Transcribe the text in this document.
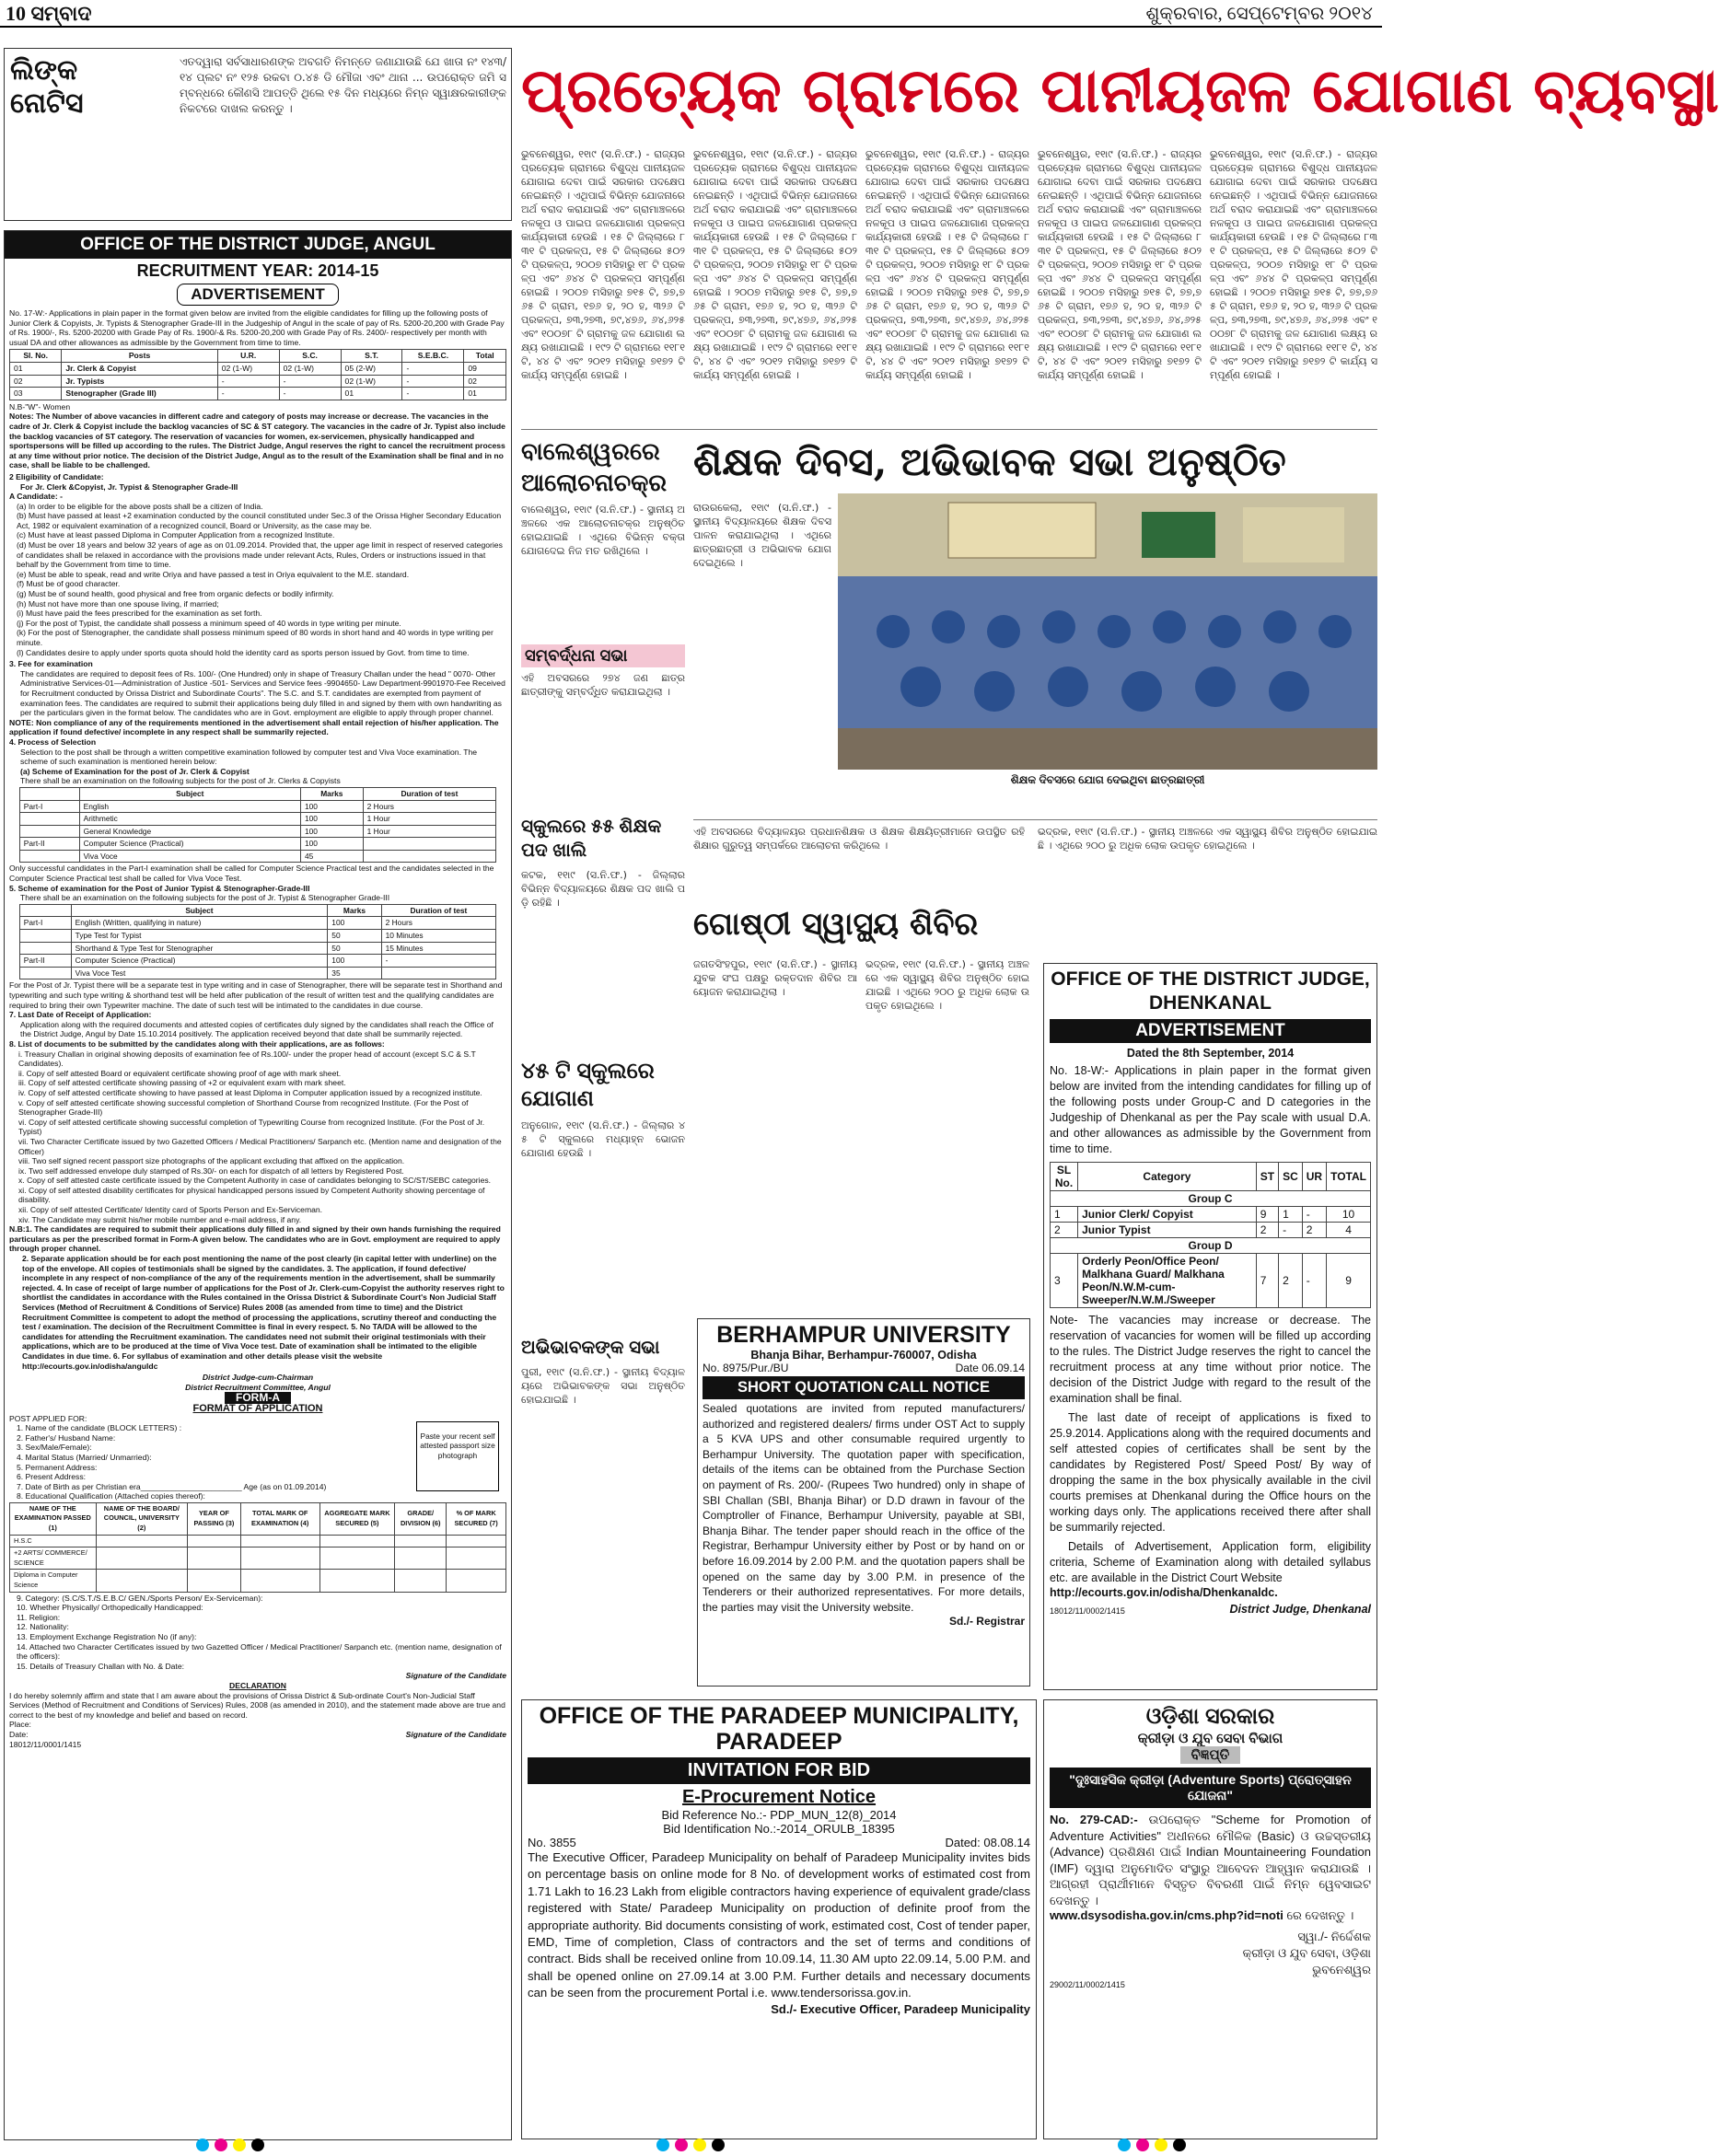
10 ସମ୍ବାଦ	ଶୁକ୍ରବାର, ସେପ୍ଟେମ୍ବର ୨୦୧୪
ଲିଙ୍କ
ନୋଟିସ
ଏତଦ୍ୱାରା ସର୍ବସାଧାରଣଙ୍କ ଅବଗତି ନିମନ୍ତେ ଜଣାଯାଉଛି ଯେ ଖାତା ନଂ ୧୪୩/୧୪ ପ୍ଲଟ ନଂ ୧୨୫ ରକବା ୦.୪୫ ଡି ମୌଜା ଏବଂ ଥାନା ... ଉପରୋକ୍ତ ଜମି ସମ୍ବନ୍ଧରେ କୌଣସି ଆପତ୍ତି ଥିଲେ ୧୫ ଦିନ ମଧ୍ୟରେ ନିମ୍ନ ସ୍ୱାକ୍ଷରକାରୀଙ୍କ ନିକଟରେ ଦାଖଲ କରନ୍ତୁ ।
OFFICE OF THE DISTRICT JUDGE, ANGUL
RECRUITMENT YEAR: 2014-15
ADVERTISEMENT
No. 17-W:- Applications in plain paper in the format given below are invited from the eligible candidates for filling up the following posts of Junior Clerk & Copyists, Jr. Typists & Stenographer Grade-III in the Judgeship of Angul in the scale of pay of Rs. 5200-20,200 with Grade Pay of Rs. 1900/-, Rs. 5200-20200 with Grade Pay of Rs. 1900/-& Rs. 5200-20,200 with Grade Pay of Rs. 2400/- respectively per month with usual DA and other allowances as admissible by the Government from time to time.
Sl. No.	Posts	U.R.	S.C.	S.T.	S.E.B.C.	Total
01	Jr. Clerk & Copyist	02 (1-W)	02 (1-W)	05 (2-W)	-	09
02	Jr. Typists	-	-	02 (1-W)	-	02
03	Stenographer (Grade III)	-	-	01	-	01
N.B-"W"- Women
Notes: The Number of above vacancies in different cadre and category of posts may increase or decrease. The vacancies in the cadre of Jr. Clerk & Copyist include the backlog vacancies of SC & ST category. The vacancies in the cadre of Jr. Typist also include the backlog vacancies of ST category. The reservation of vacancies for women, ex-servicemen, physically handicapped and sportspersons will be filled up according to the rules. The District Judge, Angul reserves the right to cancel the recruitment process at any time without prior notice. The decision of the District Judge, Angul as to the result of the Examination shall be final and in no case, shall be liable to be challenged.
2 Eligibility of Candidate:
For Jr. Clerk &Copyist, Jr. Typist & Stenographer Grade-III
A Candidate: -
(a) In order to be eligible for the above posts shall be a citizen of India.
(b) Must have passed at least +2 examination conducted by the council constituted under Sec.3 of the Orissa Higher Secondary Education Act, 1982 or equivalent examination of a recognized council, Board or University, as the case may be.
(c) Must have at least passed Diploma in Computer Application from a recognized Institute.
(d) Must be over 18 years and below 32 years of age as on 01.09.2014. Provided that, the upper age limit in respect of reserved categories of candidates shall be relaxed in accordance with the provisions made under relevant Acts, Rules, Orders or instructions issued in that behalf by the Government from time to time.
(e) Must be able to speak, read and write Oriya and have passed a test in Oriya equivalent to the M.E. standard.
(f) Must be of good character.
(g) Must be of sound health, good physical and free from organic defects or bodily infirmity.
(h) Must not have more than one spouse living, if married;
(i) Must have paid the fees prescribed for the examination as set forth.
(j) For the post of Typist, the candidate shall possess a minimum speed of 40 words in type writing per minute.
(k) For the post of Stenographer, the candidate shall possess minimum speed of 80 words in short hand and 40 words in type writing per minute.
(l) Candidates desire to apply under sports quota should hold the identity card as sports person issued by Govt. from time to time.
3. Fee for examination
The candidates are required to deposit fees of Rs. 100/- (One Hundred) only in shape of Treasury Challan under the head " 0070- Other Administrative Services-01—Administration of Justice -501- Services and Service fees -9904650- Law Department-9901970-Fee Received for Recruitment conducted by Orissa District and Subordinate Courts". The S.C. and S.T. candidates are exempted from payment of examination fees. The candidates are required to submit their applications being duly filled in and signed by them with own handwriting as per the particulars given in the format below. The candidates who are in Govt. employment are eligible to apply through proper channel.
NOTE: Non compliance of any of the requirements mentioned in the advertisement shall entail rejection of his/her application. The application if found defective/ incomplete in any respect shall be summarily rejected.
4. Process of Selection
Selection to the post shall be through a written competitive examination followed by computer test and Viva Voce examination. The scheme of such examination is mentioned herein below:
(a) Scheme of Examination for the post of Jr. Clerk & Copyist
There shall be an examination on the following subjects for the post of Jr. Clerks & Copyists
	Subject	Marks	Duration of test
Part-I	English	100	2 Hours
	Arithmetic	100	1 Hour
	General Knowledge	100	1 Hour
Part-II	Computer Science (Practical)	100	
	Viva Voce	45	
Only successful candidates in the Part-I examination shall be called for Computer Science Practical test and the candidates selected in the Computer Science Practical test shall be called for Viva Voce Test.
5. Scheme of examination for the Post of Junior Typist & Stenographer-Grade-III
There shall be an examination on the following subjects for the post of Jr. Typist & Stenographer Grade-III
	Subject	Marks	Duration of test
Part-I	English (Written, qualifying in nature)	100	2 Hours
	Type Test for Typist	50	10 Minutes
	Shorthand & Type Test for Stenographer	50	15 Minutes
Part-II	Computer Science (Practical)	100	-
	Viva Voce Test	35	
For the Post of Jr. Typist there will be a separate test in type writing and in case of Stenographer, there will be separate test in Shorthand and typewriting and such type writing & shorthand test will be held after publication of the result of written test and the qualifying candidates are required to bring their own Typewriter machine. The date of such test will be intimated to the candidates in due course.
7. Last Date of Receipt of Application:
Application along with the required documents and attested copies of certificates duly signed by the candidates shall reach the Office of the District Judge, Angul by Date 15.10.2014 positively. The application received beyond that date shall be summarily rejected.
8. List of documents to be submitted by the candidates along with their applications, are as follows:
i. Treasury Challan in original showing deposits of examination fee of Rs.100/- under the proper head of account (except S.C & S.T Candidates).
ii. Copy of self attested Board or equivalent certificate showing proof of age with mark sheet.
iii. Copy of self attested certificate showing passing of +2 or equivalent exam with mark sheet.
iv. Copy of self attested certificate showing to have passed at least Diploma in Computer application issued by a recognized institute.
v. Copy of self attested certificate showing successful completion of Shorthand Course from recognized Institute. (For the Post of Stenographer Grade-III)
vi. Copy of self attested certificate showing successful completion of Typewriting Course from recognized Institute. (For the Post of Jr. Typist)
vii. Two Character Certificate issued by two Gazetted Officers / Medical Practitioners/ Sarpanch etc. (Mention name and designation of the Officer)
viii. Two self signed recent passport size photographs of the applicant excluding that affixed on the application.
ix. Two self addressed envelope duly stamped of Rs.30/- on each for dispatch of all letters by Registered Post.
x. Copy of self attested caste certificate issued by the Competent Authority in case of candidates belonging to SC/ST/SEBC categories.
xi. Copy of self attested disability certificates for physical handicapped persons issued by Competent Authority showing percentage of disability.
xii. Copy of self attested Certificate/ Identity card of Sports Person and Ex-Serviceman.
xiv. The Candidate may submit his/her mobile number and e-mail address, if any.
N.B:1. The candidates are required to submit their applications duly filled in and signed by their own hands furnishing the required particulars as per the prescribed format in Form-A given below. The candidates who are in Govt. employment are required to apply through proper channel.
2. Separate application should be for each post mentioning the name of the post clearly (in capital letter with underline) on the top of the envelope. All copies of testimonials shall be signed by the candidates. 3. The application, if found defective/ incomplete in any respect of non-compliance of the any of the requirements mention in the advertisement, shall be summarily rejected. 4. In case of receipt of large number of applications for the Post of Jr. Clerk-cum-Copyist the authority reserves right to shortlist the candidates in accordance with the Rules contained in the Orissa District & Subordinate Court's Non Judicial Staff Services (Method of Recruitment & Conditions of Service) Rules 2008 (as amended from time to time) and the District Recruitment Committee is competent to adopt the method of processing the applications, scrutiny thereof and conducting the test / examination. The decision of the Recruitment Committee is final in every respect. 5. No TA/DA will be allowed to the candidates for attending the Recruitment examination. The candidates need not submit their original testimonials with their applications, which are to be produced at the time of Viva Voce test. Date of examination shall be intimated to the eligible Candidates in due time. 6. For syllabus of examination and other details please visit the website http://ecourts.gov.in/odisha/anguldc
District Judge-cum-Chairman
District Recruitment Committee, Angul
FORM-A
FORMAT OF APPLICATION
POST APPLIED FOR:
1. Name of the candidate (BLOCK LETTERS) :
2. Father's/ Husband Name:
3. Sex/Male/Female):
4. Marital Status (Married/ Unmarried):
5. Permanent Address:
6. Present Address:
7. Date of Birth as per Christian era_______________________ Age (as on 01.09.2014)
8. Educational Qualification (Attached copies thereof):
Paste your recent self attested passport size photograph
NAME OF THE EXAMINATION PASSED (1)	NAME OF THE BOARD/ COUNCIL, UNIVERSITY (2)	YEAR OF PASSING (3)	TOTAL MARK OF EXAMINATION (4)	AGGREGATE MARK SECURED (5)	GRADE/ DIVISION (6)	% OF MARK SECURED (7)
H.S.C						
+2 ARTS/ COMMERCE/ SCIENCE						
Diploma in Computer Science						
9. Category: (S.C/S.T./S.E.B.C/ GEN./Sports Person/ Ex-Serviceman):
10. Whether Physically/ Orthopedically Handicapped:
11. Religion:
12. Nationality:
13. Employment Exchange Registration No (if any):
14. Attached two Character Certificates issued by two Gazetted Officer / Medical Practitioner/ Sarpanch etc. (mention name, designation of the officers):
15. Details of Treasury Challan with No. & Date:
Signature of the Candidate
DECLARATION
I do hereby solemnly affirm and state that I am aware about the provisions of Orissa District & Sub-ordinate Court's Non-Judicial Staff Services (Method of Recruitment and Conditions of Services) Rules, 2008 (as amended in 2010), and the statement made above are true and correct to the best of my knowledge and belief and based on record.
Place:
Date:	Signature of the Candidate
18012/11/0001/1415
ପ୍ରତ୍ୟେକ ଗ୍ରାମରେ ପାନୀୟଜଳ ଯୋଗାଣ ବ୍ୟବସ୍ଥା
ଭୁବନେଶ୍ୱର, ୧୧ା୯ (ସ.ନି.ଫ.) - ରାଜ୍ୟର ପ୍ରତ୍ୟେକ ଗ୍ରାମରେ ବିଶୁଦ୍ଧ ପାନୀୟଜଳ ଯୋଗାଇ ଦେବା ପାଇଁ ସରକାର ପଦକ୍ଷେପ ନେଇଛନ୍ତି । ଏଥିପାଇଁ ବିଭିନ୍ନ ଯୋଜନାରେ ଅର୍ଥ ବରାଦ କରାଯାଇଛି ଏବଂ ଗ୍ରାମାଞ୍ଚଳରେ ନଳକୂପ ଓ ପାଇପ ଜଳଯୋଗାଣ ପ୍ରକଳ୍ପ କାର୍ଯ୍ୟକାରୀ ହେଉଛି । ୧୫ ଟି ଜିଲ୍ଲାରେ ୮୩୧ ଟି ପ୍ରକଳ୍ପ, ୧୫ ଟି ଜିଲ୍ଲାରେ ୫୦୨ ଟି ପ୍ରକଳ୍ପ, ୨୦୦୭ ମସିହାରୁ ୧୮ ଟି ପ୍ରକଳ୍ପ ଏବଂ ୬୪୪ ଟି ପ୍ରକଳ୍ପ ସମ୍ପୂର୍ଣ୍ଣ ହୋଇଛି । ୨୦୦୭ ମସିହାରୁ ୭୧୫ ଟି, ୭୭,୭୬୫ ଟି ଗ୍ରାମ, ୧୭୬ ହ, ୨୦ ହ, ୩୨୬ ଟି ପ୍ରକଳ୍ପ, ୭୩,୨୭୩, ୭୯,୪୭୬, ୬୪,୬୨୫ ଏବଂ ୧୦୦୭୮ ଟି ଗ୍ରାମକୁ ଜଳ ଯୋଗାଣ ଲକ୍ଷ୍ୟ ରଖାଯାଇଛି । ୧୯୨ ଟି ଗ୍ରାମରେ ୧୧୮୧ ଟି, ୪୪ ଟି ଏବଂ ୨୦୧୨ ମସିହାରୁ ୭୧୭୨ ଟି କାର୍ଯ୍ୟ ସମ୍ପୂର୍ଣ୍ଣ ହୋଇଛି ।
ଭୁବନେଶ୍ୱର, ୧୧ା୯ (ସ.ନି.ଫ.) - ରାଜ୍ୟର ପ୍ରତ୍ୟେକ ଗ୍ରାମରେ ବିଶୁଦ୍ଧ ପାନୀୟଜଳ ଯୋଗାଇ ଦେବା ପାଇଁ ସରକାର ପଦକ୍ଷେପ ନେଇଛନ୍ତି । ଏଥିପାଇଁ ବିଭିନ୍ନ ଯୋଜନାରେ ଅର୍ଥ ବରାଦ କରାଯାଇଛି ଏବଂ ଗ୍ରାମାଞ୍ଚଳରେ ନଳକୂପ ଓ ପାଇପ ଜଳଯୋଗାଣ ପ୍ରକଳ୍ପ କାର୍ଯ୍ୟକାରୀ ହେଉଛି । ୧୫ ଟି ଜିଲ୍ଲାରେ ୮୩୧ ଟି ପ୍ରକଳ୍ପ, ୧୫ ଟି ଜିଲ୍ଲାରେ ୫୦୨ ଟି ପ୍ରକଳ୍ପ, ୨୦୦୭ ମସିହାରୁ ୧୮ ଟି ପ୍ରକଳ୍ପ ଏବଂ ୬୪୪ ଟି ପ୍ରକଳ୍ପ ସମ୍ପୂର୍ଣ୍ଣ ହୋଇଛି । ୨୦୦୭ ମସିହାରୁ ୭୧୫ ଟି, ୭୭,୭୬୫ ଟି ଗ୍ରାମ, ୧୭୬ ହ, ୨୦ ହ, ୩୨୬ ଟି ପ୍ରକଳ୍ପ, ୭୩,୨୭୩, ୭୯,୪୭୬, ୬୪,୬୨୫ ଏବଂ ୧୦୦୭୮ ଟି ଗ୍ରାମକୁ ଜଳ ଯୋଗାଣ ଲକ୍ଷ୍ୟ ରଖାଯାଇଛି । ୧୯୨ ଟି ଗ୍ରାମରେ ୧୧୮୧ ଟି, ୪୪ ଟି ଏବଂ ୨୦୧୨ ମସିହାରୁ ୭୧୭୨ ଟି କାର୍ଯ୍ୟ ସମ୍ପୂର୍ଣ୍ଣ ହୋଇଛି ।
ଭୁବନେଶ୍ୱର, ୧୧ା୯ (ସ.ନି.ଫ.) - ରାଜ୍ୟର ପ୍ରତ୍ୟେକ ଗ୍ରାମରେ ବିଶୁଦ୍ଧ ପାନୀୟଜଳ ଯୋଗାଇ ଦେବା ପାଇଁ ସରକାର ପଦକ୍ଷେପ ନେଇଛନ୍ତି । ଏଥିପାଇଁ ବିଭିନ୍ନ ଯୋଜନାରେ ଅର୍ଥ ବରାଦ କରାଯାଇଛି ଏବଂ ଗ୍ରାମାଞ୍ଚଳରେ ନଳକୂପ ଓ ପାଇପ ଜଳଯୋଗାଣ ପ୍ରକଳ୍ପ କାର୍ଯ୍ୟକାରୀ ହେଉଛି । ୧୫ ଟି ଜିଲ୍ଲାରେ ୮୩୧ ଟି ପ୍ରକଳ୍ପ, ୧୫ ଟି ଜିଲ୍ଲାରେ ୫୦୨ ଟି ପ୍ରକଳ୍ପ, ୨୦୦୭ ମସିହାରୁ ୧୮ ଟି ପ୍ରକଳ୍ପ ଏବଂ ୬୪୪ ଟି ପ୍ରକଳ୍ପ ସମ୍ପୂର୍ଣ୍ଣ ହୋଇଛି । ୨୦୦୭ ମସିହାରୁ ୭୧୫ ଟି, ୭୭,୭୬୫ ଟି ଗ୍ରାମ, ୧୭୬ ହ, ୨୦ ହ, ୩୨୬ ଟି ପ୍ରକଳ୍ପ, ୭୩,୨୭୩, ୭୯,୪୭୬, ୬୪,୬୨୫ ଏବଂ ୧୦୦୭୮ ଟି ଗ୍ରାମକୁ ଜଳ ଯୋଗାଣ ଲକ୍ଷ୍ୟ ରଖାଯାଇଛି । ୧୯୨ ଟି ଗ୍ରାମରେ ୧୧୮୧ ଟି, ୪୪ ଟି ଏବଂ ୨୦୧୨ ମସିହାରୁ ୭୧୭୨ ଟି କାର୍ଯ୍ୟ ସମ୍ପୂର୍ଣ୍ଣ ହୋଇଛି ।
ଭୁବନେଶ୍ୱର, ୧୧ା୯ (ସ.ନି.ଫ.) - ରାଜ୍ୟର ପ୍ରତ୍ୟେକ ଗ୍ରାମରେ ବିଶୁଦ୍ଧ ପାନୀୟଜଳ ଯୋଗାଇ ଦେବା ପାଇଁ ସରକାର ପଦକ୍ଷେପ ନେଇଛନ୍ତି । ଏଥିପାଇଁ ବିଭିନ୍ନ ଯୋଜନାରେ ଅର୍ଥ ବରାଦ କରାଯାଇଛି ଏବଂ ଗ୍ରାମାଞ୍ଚଳରେ ନଳକୂପ ଓ ପାଇପ ଜଳଯୋଗାଣ ପ୍ରକଳ୍ପ କାର୍ଯ୍ୟକାରୀ ହେଉଛି । ୧୫ ଟି ଜିଲ୍ଲାରେ ୮୩୧ ଟି ପ୍ରକଳ୍ପ, ୧୫ ଟି ଜିଲ୍ଲାରେ ୫୦୨ ଟି ପ୍ରକଳ୍ପ, ୨୦୦୭ ମସିହାରୁ ୧୮ ଟି ପ୍ରକଳ୍ପ ଏବଂ ୬୪୪ ଟି ପ୍ରକଳ୍ପ ସମ୍ପୂର୍ଣ୍ଣ ହୋଇଛି । ୨୦୦୭ ମସିହାରୁ ୭୧୫ ଟି, ୭୭,୭୬୫ ଟି ଗ୍ରାମ, ୧୭୬ ହ, ୨୦ ହ, ୩୨୬ ଟି ପ୍ରକଳ୍ପ, ୭୩,୨୭୩, ୭୯,୪୭୬, ୬୪,୬୨୫ ଏବଂ ୧୦୦୭୮ ଟି ଗ୍ରାମକୁ ଜଳ ଯୋଗାଣ ଲକ୍ଷ୍ୟ ରଖାଯାଇଛି । ୧୯୨ ଟି ଗ୍ରାମରେ ୧୧୮୧ ଟି, ୪୪ ଟି ଏବଂ ୨୦୧୨ ମସିହାରୁ ୭୧୭୨ ଟି କାର୍ଯ୍ୟ ସମ୍ପୂର୍ଣ୍ଣ ହୋଇଛି ।
ଭୁବନେଶ୍ୱର, ୧୧ା୯ (ସ.ନି.ଫ.) - ରାଜ୍ୟର ପ୍ରତ୍ୟେକ ଗ୍ରାମରେ ବିଶୁଦ୍ଧ ପାନୀୟଜଳ ଯୋଗାଇ ଦେବା ପାଇଁ ସରକାର ପଦକ୍ଷେପ ନେଇଛନ୍ତି । ଏଥିପାଇଁ ବିଭିନ୍ନ ଯୋଜନାରେ ଅର୍ଥ ବରାଦ କରାଯାଇଛି ଏବଂ ଗ୍ରାମାଞ୍ଚଳରେ ନଳକୂପ ଓ ପାଇପ ଜଳଯୋଗାଣ ପ୍ରକଳ୍ପ କାର୍ଯ୍ୟକାରୀ ହେଉଛି । ୧୫ ଟି ଜିଲ୍ଲାରେ ୮୩୧ ଟି ପ୍ରକଳ୍ପ, ୧୫ ଟି ଜିଲ୍ଲାରେ ୫୦୨ ଟି ପ୍ରକଳ୍ପ, ୨୦୦୭ ମସିହାରୁ ୧୮ ଟି ପ୍ରକଳ୍ପ ଏବଂ ୬୪୪ ଟି ପ୍ରକଳ୍ପ ସମ୍ପୂର୍ଣ୍ଣ ହୋଇଛି । ୨୦୦୭ ମସିହାରୁ ୭୧୫ ଟି, ୭୭,୭୬୫ ଟି ଗ୍ରାମ, ୧୭୬ ହ, ୨୦ ହ, ୩୨୬ ଟି ପ୍ରକଳ୍ପ, ୭୩,୨୭୩, ୭୯,୪୭୬, ୬୪,୬୨୫ ଏବଂ ୧୦୦୭୮ ଟି ଗ୍ରାମକୁ ଜଳ ଯୋଗାଣ ଲକ୍ଷ୍ୟ ରଖାଯାଇଛି । ୧୯୨ ଟି ଗ୍ରାମରେ ୧୧୮୧ ଟି, ୪୪ ଟି ଏବଂ ୨୦୧୨ ମସିହାରୁ ୭୧୭୨ ଟି କାର୍ଯ୍ୟ ସମ୍ପୂର୍ଣ୍ଣ ହୋଇଛି ।
ବାଲେଶ୍ୱରରେ ଆଲୋଚନାଚକ୍ର
ବାଲେଶ୍ୱର, ୧୧ା୯ (ସ.ନି.ଫ.) - ସ୍ଥାନୀୟ ଅଞ୍ଚଳରେ ଏକ ଆଲୋଚନାଚକ୍ର ଅନୁଷ୍ଠିତ ହୋଇଯାଇଛି । ଏଥିରେ ବିଭିନ୍ନ ବକ୍ତା ଯୋଗଦେଇ ନିଜ ମତ ରଖିଥିଲେ ।
ସମ୍ବର୍ଦ୍ଧନା ସଭା
ଏହି ଅବସରରେ ୨୭୪ ଜଣ ଛାତ୍ରଛାତ୍ରୀଙ୍କୁ ସମ୍ବର୍ଦ୍ଧିତ କରାଯାଇଥିଲା ।
ସ୍କୁଲରେ ୫୫ ଶିକ୍ଷକ ପଦ ଖାଲି
କଟକ, ୧୧ା୯ (ସ.ନି.ଫ.) - ଜିଲ୍ଲାର ବିଭିନ୍ନ ବିଦ୍ୟାଳୟରେ ଶିକ୍ଷକ ପଦ ଖାଲି ପଡ଼ି ରହିଛି ।
୪୫ ଟି ସ୍କୁଲରେ ଯୋଗାଣ
ଅନୁଗୋଳ, ୧୧ା୯ (ସ.ନି.ଫ.) - ଜିଲ୍ଲାର ୪୫ ଟି ସ୍କୁଲରେ ମଧ୍ୟାହ୍ନ ଭୋଜନ ଯୋଗାଣ ହେଉଛି ।
ଅଭିଭାବକଙ୍କ ସଭା
ପୁରୀ, ୧୧ା୯ (ସ.ନି.ଫ.) - ସ୍ଥାନୀୟ ବିଦ୍ୟାଳୟରେ ଅଭିଭାବକଙ୍କ ସଭା ଅନୁଷ୍ଠିତ ହୋଇଯାଇଛି ।
ଶିକ୍ଷକ ଦିବସ, ଅଭିଭାବକ ସଭା ଅନୁଷ୍ଠିତ
ରାଉରକେଲା, ୧୧ା୯ (ସ.ନି.ଫ.) - ସ୍ଥାନୀୟ ବିଦ୍ୟାଳୟରେ ଶିକ୍ଷକ ଦିବସ ପାଳନ କରାଯାଇଥିଲା । ଏଥିରେ ଛାତ୍ରଛାତ୍ରୀ ଓ ଅଭିଭାବକ ଯୋଗଦେଇଥିଲେ ।
ଶିକ୍ଷକ ଦିବସରେ ଯୋଗ ଦେଇଥିବା ଛାତ୍ରଛାତ୍ରୀ
ଏହି ଅବସରରେ ବିଦ୍ୟାଳୟର ପ୍ରଧାନଶିକ୍ଷକ ଓ ଶିକ୍ଷକ ଶିକ୍ଷୟିତ୍ରୀମାନେ ଉପସ୍ଥିତ ରହି ଶିକ୍ଷାର ଗୁରୁତ୍ୱ ସମ୍ପର୍କରେ ଆଲୋଚନା କରିଥିଲେ ।
ଭଦ୍ରକ, ୧୧ା୯ (ସ.ନି.ଫ.) - ସ୍ଥାନୀୟ ଅଞ୍ଚଳରେ ଏକ ସ୍ୱାସ୍ଥ୍ୟ ଶିବିର ଅନୁଷ୍ଠିତ ହୋଇଯାଇଛି । ଏଥିରେ ୨୦୦ ରୁ ଅଧିକ ଲୋକ ଉପକୃତ ହୋଇଥିଲେ ।
ଗୋଷ୍ଠୀ ସ୍ୱାସ୍ଥ୍ୟ ଶିବିର
ଜଗତସିଂହପୁର, ୧୧ା୯ (ସ.ନି.ଫ.) - ସ୍ଥାନୀୟ ଯୁବକ ସଂଘ ପକ୍ଷରୁ ରକ୍ତଦାନ ଶିବିର ଆୟୋଜନ କରାଯାଇଥିଲା ।
ଭଦ୍ରକ, ୧୧ା୯ (ସ.ନି.ଫ.) - ସ୍ଥାନୀୟ ଅଞ୍ଚଳରେ ଏକ ସ୍ୱାସ୍ଥ୍ୟ ଶିବିର ଅନୁଷ୍ଠିତ ହୋଇଯାଇଛି । ଏଥିରେ ୨୦୦ ରୁ ଅଧିକ ଲୋକ ଉପକୃତ ହୋଇଥିଲେ ।
BERHAMPUR UNIVERSITY
Bhanja Bihar, Berhampur-760007, Odisha
No. 8975/Pur./BU	Date 06.09.14
SHORT QUOTATION CALL NOTICE
Sealed quotations are invited from reputed manufacturers/ authorized and registered dealers/ firms under OST Act to supply a 5 KVA UPS and other consumable required urgently to Berhampur University. The quotation paper with specification, details of the items can be obtained from the Purchase Section on payment of Rs. 200/- (Rupees Two hundred) only in shape of SBI Challan (SBI, Bhanja Bihar) or D.D drawn in favour of the Comptroller of Finance, Berhampur University, payable at SBI, Bhanja Bihar. The tender paper should reach in the office of the Registrar, Berhampur University either by Post or by hand on or before 16.09.2014 by 2.00 P.M. and the quotation papers shall be opened on the same day by 3.00 P.M. in presence of the Tenderers or their authorized representatives. For more details, the parties may visit the University website.
Sd./- Registrar
OFFICE OF THE DISTRICT JUDGE, DHENKANAL
ADVERTISEMENT
Dated the 8th September, 2014
No. 18-W:- Applications in plain paper in the format given below are invited from the intending candidates for filling up of the following posts under Group-C and D categories in the Judgeship of Dhenkanal as per the Pay scale with usual D.A. and other allowances as admissible by the Government from time to time.
SL No.	Category	ST	SC	UR	TOTAL
Group C					
1	Junior Clerk/ Copyist	9	1	-	10
2	Junior Typist	2	-	2	4
Group D					
3	Orderly Peon/Office Peon/ Malkhana Guard/ Malkhana Peon/N.W.M-cum-Sweeper/N.W.M./Sweeper	7	2	-	9
Note- The vacancies may increase or decrease. The reservation of vacancies for women will be filled up according to the rules. The District Judge reserves the right to cancel the recruitment process at any time without prior notice. The decision of the District Judge with regard to the result of the examination shall be final.
The last date of receipt of applications is fixed to 25.9.2014. Applications along with the required documents and self attested copies of certificates shall be sent by the candidates by Registered Post/ Speed Post/ By way of dropping the same in the box physically available in the civil courts premises at Dhenkanal during the Office hours on the working days only. The applications received there after shall be summarily rejected.
Details of Advertisement, Application form, eligibility criteria, Scheme of Examination along with detailed syllabus etc. are available in the District Court Website
http://ecourts.gov.in/odisha/Dhenkanaldc.
18012/11/0002/1415	District Judge, Dhenkanal
OFFICE OF THE PARADEEP MUNICIPALITY, PARADEEP
INVITATION FOR BID
E-Procurement Notice
Bid Reference No.:- PDP_MUN_12(8)_2014
Bid Identification No.:-2014_ORULB_18395
No. 3855	Dated: 08.08.14
The Executive Officer, Paradeep Municipality on behalf of Paradeep Municipality invites bids on percentage basis on online mode for 8 No. of development works of estimated cost from 1.71 Lakh to 16.23 Lakh from eligible contractors having experience of equivalent grade/class registered with State/ Paradeep Municipality on production of definite proof from the appropriate authority. Bid documents consisting of work, estimated cost, Cost of tender paper, EMD, Time of completion, Class of contractors and the set of terms and conditions of contract. Bids shall be received online from 10.09.14, 11.30 AM upto 22.09.14, 5.00 P.M. and shall be opened online on 27.09.14 at 3.00 P.M. Further details and necessary documents can be seen from the procurement Portal i.e. www.tendersorissa.gov.in.
Sd./- Executive Officer, Paradeep Municipality
ଓଡ଼ିଶା ସରକାର
କ୍ରୀଡ଼ା ଓ ଯୁବ ସେବା ବିଭାଗ
ବିଜ୍ଞପ୍ତି
"ଦୁଃସାହସିକ କ୍ରୀଡ଼ା (Adventure Sports) ପ୍ରୋତ୍ସାହନ ଯୋଜନା"
No. 279-CAD:- ଉପରୋକ୍ତ "Scheme for Promotion of Adventure Activities" ଅଧୀନରେ ମୌଳିକ (Basic) ଓ ଉଚ୍ଚସ୍ତରୀୟ (Advance) ପ୍ରଶିକ୍ଷଣ ପାଇଁ Indian Mountaineering Foundation (IMF) ଦ୍ୱାରା ଅନୁମୋଦିତ ସଂସ୍ଥାରୁ ଆବେଦନ ଆହ୍ୱାନ କରାଯାଉଛି । ଆଗ୍ରହୀ ପ୍ରାର୍ଥୀମାନେ ବିସ୍ତୃତ ବିବରଣୀ ପାଇଁ ନିମ୍ନ ୱେବସାଇଟ ଦେଖନ୍ତୁ ।
www.dsysodisha.gov.in/cms.php?id=noti ରେ ଦେଖନ୍ତୁ ।
ସ୍ୱା./- ନିର୍ଦ୍ଦେଶକ
କ୍ରୀଡ଼ା ଓ ଯୁବ ସେବା, ଓଡ଼ିଶା
ଭୁବନେଶ୍ୱର
29002/11/0002/1415
